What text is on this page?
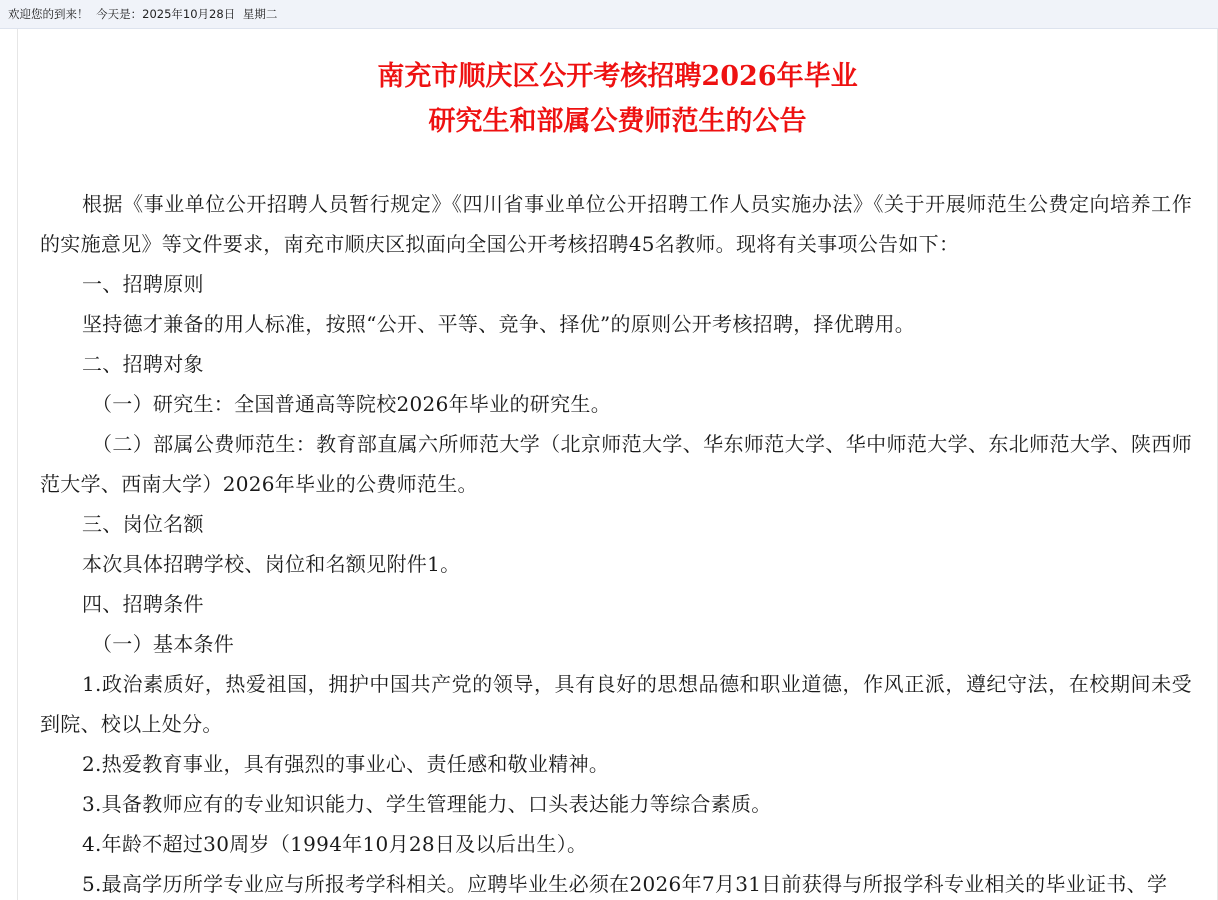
欢迎您的到来！ 今天是：2025年10月28日 星期二
南充市顺庆区公开考核招聘2026年毕业
研究生和部属公费师范生的公告

根据《事业单位公开招聘人员暂行规定》《四川省事业单位公开招聘工作人员实施办法》《关于开展师范生公费定向培养工作的实施意见》等文件要求，南充市顺庆区拟面向全国公开考核招聘45名教师。现将有关事项公告如下：

一、招聘原则

坚持德才兼备的用人标准，按照“公开、平等、竞争、择优”的原则公开考核招聘，择优聘用。

二、招聘对象

（一）研究生：全国普通高等院校2026年毕业的研究生。

（二）部属公费师范生：教育部直属六所师范大学（北京师范大学、华东师范大学、华中师范大学、东北师范大学、陕西师范大学、西南大学）2026年毕业的公费师范生。

三、岗位名额

本次具体招聘学校、岗位和名额见附件1。

四、招聘条件

（一）基本条件

1.政治素质好，热爱祖国，拥护中国共产党的领导，具有良好的思想品德和职业道德，作风正派，遵纪守法，在校期间未受到院、校以上处分。

2.热爱教育事业，具有强烈的事业心、责任感和敬业精神。

3.具备教师应有的专业知识能力、学生管理能力、口头表达能力等综合素质。

4.年龄不超过30周岁（1994年10月28日及以后出生）。

5.最高学历所学专业应与所报考学科相关。应聘毕业生必须在2026年7月31日前获得与所报学科专业相关的毕业证书、学
